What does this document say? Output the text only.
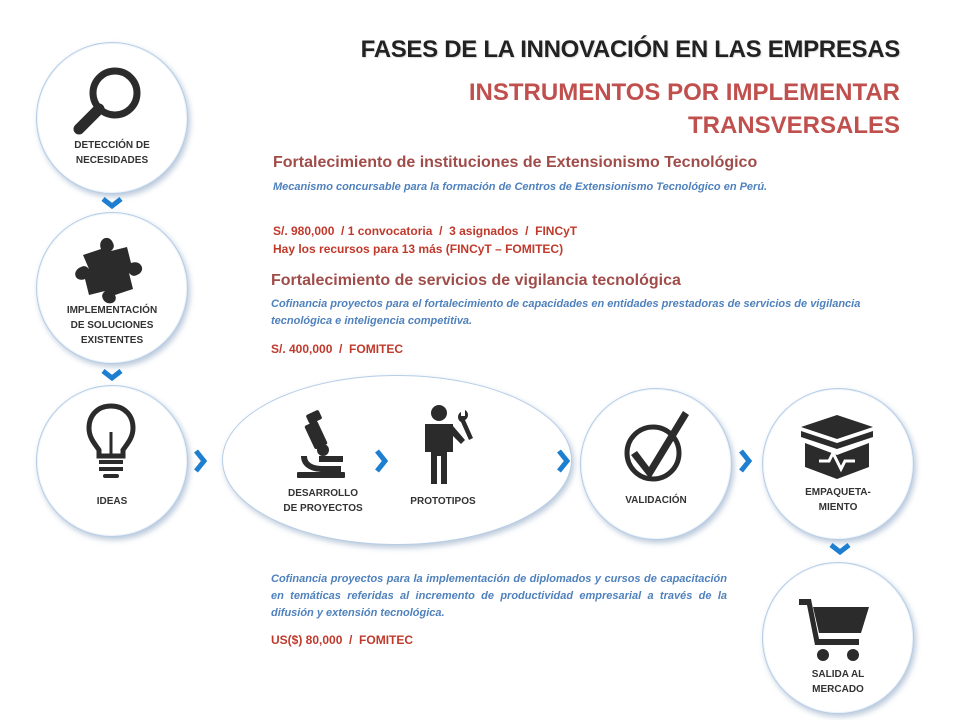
FASES DE LA INNOVACIÓN EN LAS EMPRESAS
INSTRUMENTOS POR IMPLEMENTAR
TRANSVERSALES
DETECCIÓN DE
NECESIDADES
IMPLEMENTACIÓN
DE SOLUCIONES
EXISTENTES
IDEAS
DESARROLLO
DE PROYECTOS
PROTOTIPOS	VALIDACIÓN
EMPAQUETA-
MIENTO
SALIDA AL
MERCADO
Fortalecimiento de instituciones de Extensionismo Tecnológico
Mecanismo concursable para la formación de Centros de Extensionismo Tecnológico en Perú.
S/. 980,000  / 1 convocatoria  /  3 asignados  /  FINCyT
Hay los recursos para 13 más (FINCyT – FOMITEC)
Fortalecimiento de servicios de vigilancia tecnológica
Cofinancia proyectos para el fortalecimiento de capacidades en entidades prestadoras de servicios de vigilancia tecnológica e inteligencia competitiva.
S/. 400,000  /  FOMITEC
Cofinancia proyectos para la implementación de diplomados y cursos de capacitación en temáticas referidas al incremento de productividad empresarial a través de la difusión y extensión tecnológica.
US($) 80,000  /  FOMITEC
